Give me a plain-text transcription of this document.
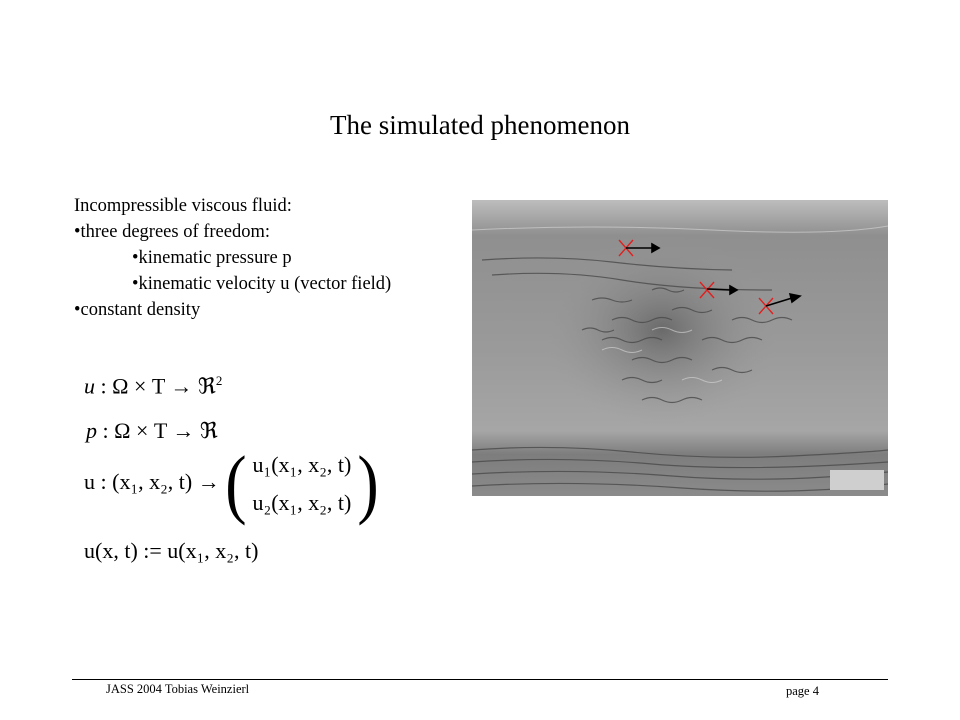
The simulated phenomenon
Incompressible viscous fluid:
•three degrees of freedom:
•kinematic pressure p
•kinematic velocity u (vector field)
•constant density
u : Ω × T → ℜ$^2$
p : Ω × T → ℜ
u : (x₁, x₂, t) → ( u₁(x₁, x₂, t)
u₂(x₁, x₂, t) )
u(x, t) := u(x₁, x₂, t)
JASS 2004 Tobias Weinzierl	page 4
